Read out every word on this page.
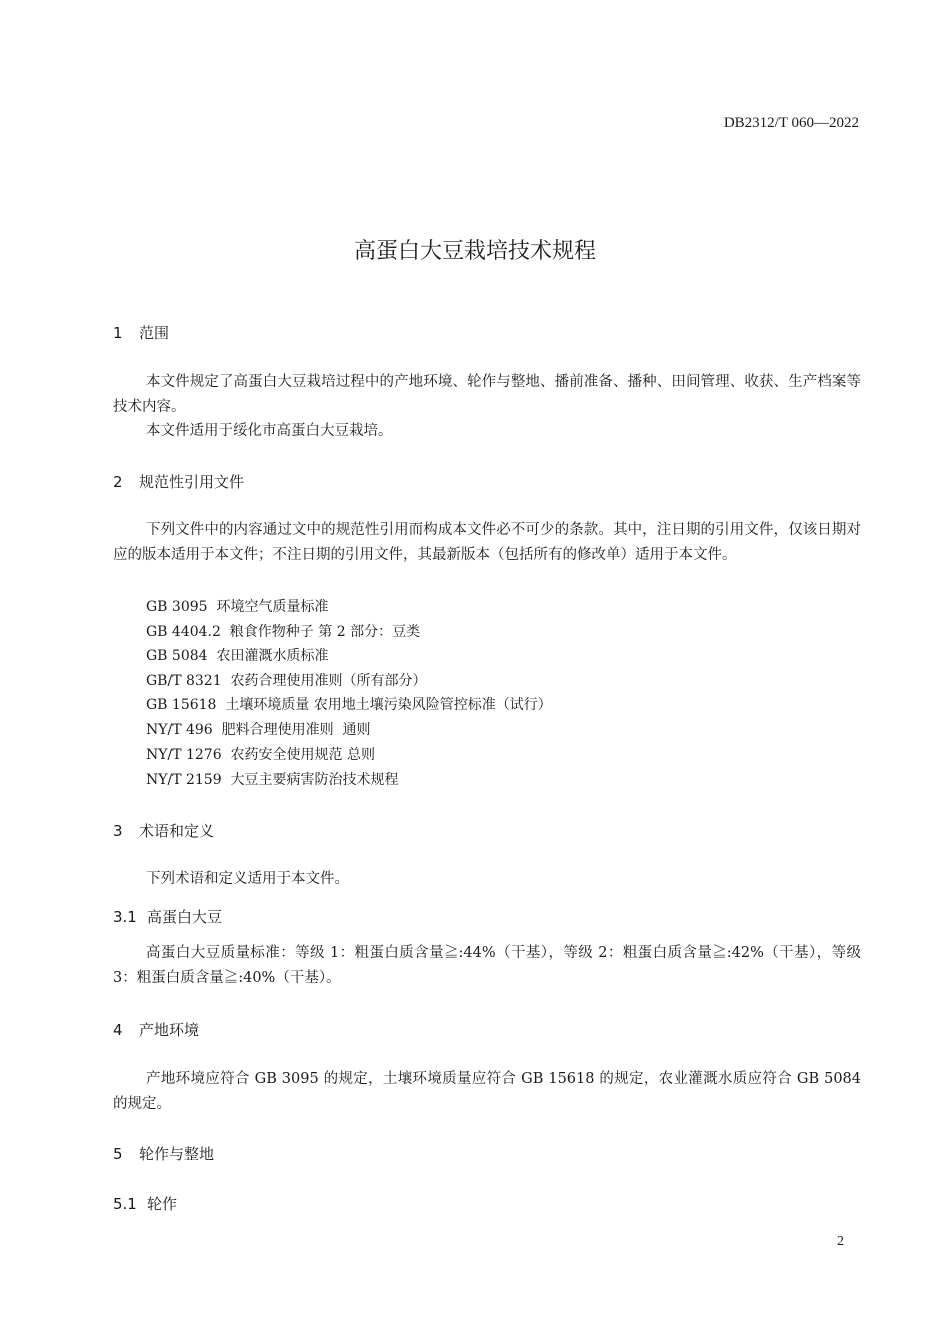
DB2312/T 060—2022
高蛋白大豆栽培技术规程
1 范围
本文件规定了高蛋白大豆栽培过程中的产地环境、轮作与整地、播前准备、播种、田间管理、收获、生产档案等技术内容。
本文件适用于绥化市高蛋白大豆栽培。
2 规范性引用文件
下列文件中的内容通过文中的规范性引用而构成本文件必不可少的条款。其中，注日期的引用文件，仅该日期对应的版本适用于本文件；不注日期的引用文件，其最新版本（包括所有的修改单）适用于本文件。
GB 3095  环境空气质量标准
GB 4404.2  粮食作物种子 第 2 部分：豆类
GB 5084  农田灌溉水质标准
GB/T 8321  农药合理使用准则（所有部分）
GB 15618  土壤环境质量 农用地土壤污染风险管控标准（试行）
NY/T 496  肥料合理使用准则  通则
NY/T 1276  农药安全使用规范 总则
NY/T 2159  大豆主要病害防治技术规程
3 术语和定义
下列术语和定义适用于本文件。
3.1 高蛋白大豆
高蛋白大豆质量标准：等级 1：粗蛋白质含量≧:44%（干基），等级 2：粗蛋白质含量≧:42%（干基），等级 3：粗蛋白质含量≧:40%（干基）。
4 产地环境
产地环境应符合 GB 3095 的规定，土壤环境质量应符合 GB 15618 的规定，农业灌溉水质应符合 GB 5084 的规定。
5 轮作与整地
5.1 轮作
2
